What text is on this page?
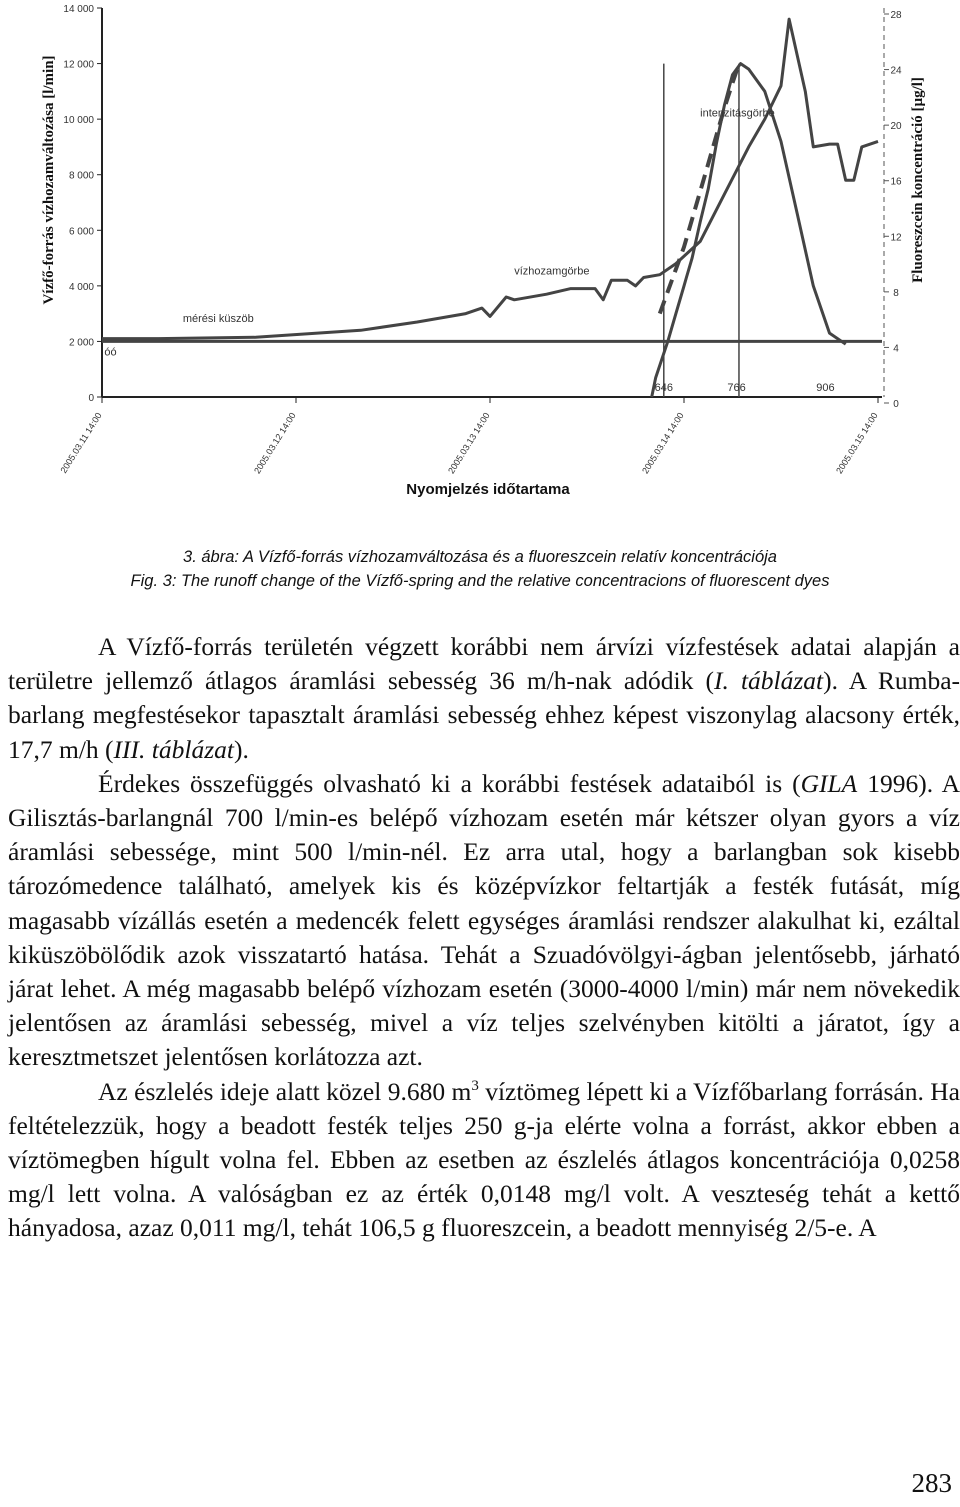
0
2 000
4 000
6 000
8 000
10 000
12 000
14 000
0
4
8
12
16
20
24
28
2005.03.11 14:00	2005.03.12 14:00	2005.03.13 14:00	2005.03.14 14:00	2005.03.15 14:00
Vízfő-forrás vízhozamváltozása [l/min]	Fluoreszcein koncentráció [µg/l]
Nyomjelzés időtartama
óó
mérési küszöb
vízhozamgörbe
intenzitásgörbe
646	766	906
3. ábra: A Vízfő-forrás vízhozamváltozása és a fluoreszcein relatív koncentrációja
Fig. 3: The runoff change of the Vízfő-spring and the relative concentracions of fluorescent dyes

A Vízfő-forrás területén végzett korábbi nem árvízi vízfestések adatai alapján a területre jellemző átlagos áramlási sebesség 36 m/h-nak adódik (I. táblázat). A Rumba-barlang megfestésekor tapasztalt áramlási sebesség ehhez képest viszonylag alacsony érték, 17,7 m/h (III. táblázat).

Érdekes összefüggés olvasható ki a korábbi festések adataiból is (GILA 1996). A Gilisztás-barlangnál 700 l/min-es belépő vízhozam esetén már kétszer olyan gyors a víz áramlási sebessége, mint 500 l/min-nél. Ez arra utal, hogy a barlangban sok kisebb tározómedence található, amelyek kis és középvízkor feltartják a festék futását, míg magasabb vízállás esetén a medencék felett egységes áramlási rendszer alakulhat ki, ezáltal kiküszöbölődik azok visszatartó hatása. Tehát a Szuadóvölgyi-ágban jelentősebb, járható járat lehet. A még magasabb belépő vízhozam esetén (3000-4000 l/min) már nem növekedik jelentősen az áramlási sebesség, mivel a víz teljes szelvényben kitölti a járatot, így a keresztmetszet jelentősen korlátozza azt.

Az észlelés ideje alatt közel 9.680 $m^3$ víztömeg lépett ki a Vízfőbarlang forrásán. Ha feltételezzük, hogy a beadott festék teljes 250 g-ja elérte volna a forrást, akkor ebben a víztömegben hígult volna fel. Ebben az esetben az észlelés átlagos koncentrációja 0,0258 mg/l lett volna. A valóságban ez az érték 0,0148 mg/l volt. A veszteség tehát a kettő hányadosa, azaz 0,011 mg/l, tehát 106,5 g fluoreszcein, a beadott mennyiség 2/5-e. A

283
